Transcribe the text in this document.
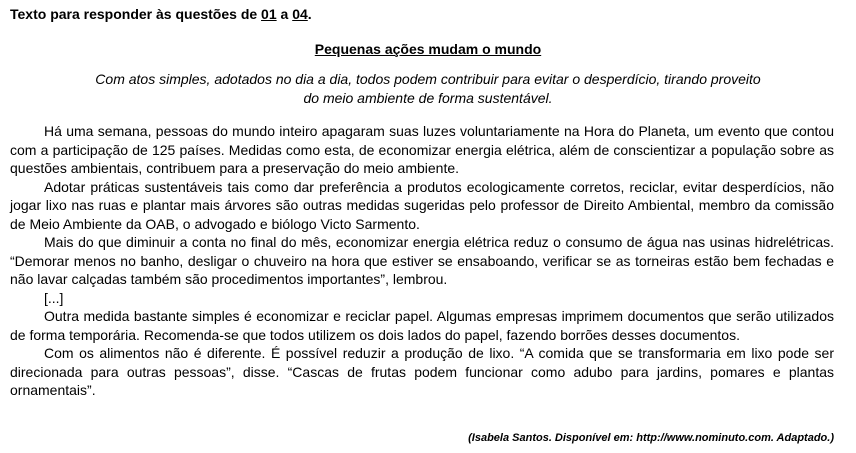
Texto para responder às questões de 01 a 04.
Pequenas ações mudam o mundo
Com atos simples, adotados no dia a dia, todos podem contribuir para evitar o desperdício, tirando proveito
do meio ambiente de forma sustentável.

Há uma semana, pessoas do mundo inteiro apagaram suas luzes voluntariamente na Hora do Planeta, um evento que contou com a participação de 125 países. Medidas como esta, de economizar energia elétrica, além de conscientizar a população sobre as questões ambientais, contribuem para a preservação do meio ambiente.

Adotar práticas sustentáveis tais como dar preferência a produtos ecologicamente corretos, reciclar, evitar desperdícios, não jogar lixo nas ruas e plantar mais árvores são outras medidas sugeridas pelo professor de Direito Ambiental, membro da comissão de Meio Ambiente da OAB, o advogado e biólogo Victo Sarmento.

Mais do que diminuir a conta no final do mês, economizar energia elétrica reduz o consumo de água nas usinas hidrelétricas. “Demorar menos no banho, desligar o chuveiro na hora que estiver se ensaboando, verificar se as torneiras estão bem fechadas e não lavar calçadas também são procedimentos importantes”, lembrou.

[...]

Outra medida bastante simples é economizar e reciclar papel. Algumas empresas imprimem documentos que serão utilizados de forma temporária. Recomenda-se que todos utilizem os dois lados do papel, fazendo borrões desses documentos.

Com os alimentos não é diferente. É possível reduzir a produção de lixo. “A comida que se transformaria em lixo pode ser direcionada para outras pessoas”, disse. “Cascas de frutas podem funcionar como adubo para jardins, pomares e plantas ornamentais”.

(Isabela Santos. Disponível em: http://www.nominuto.com. Adaptado.)
